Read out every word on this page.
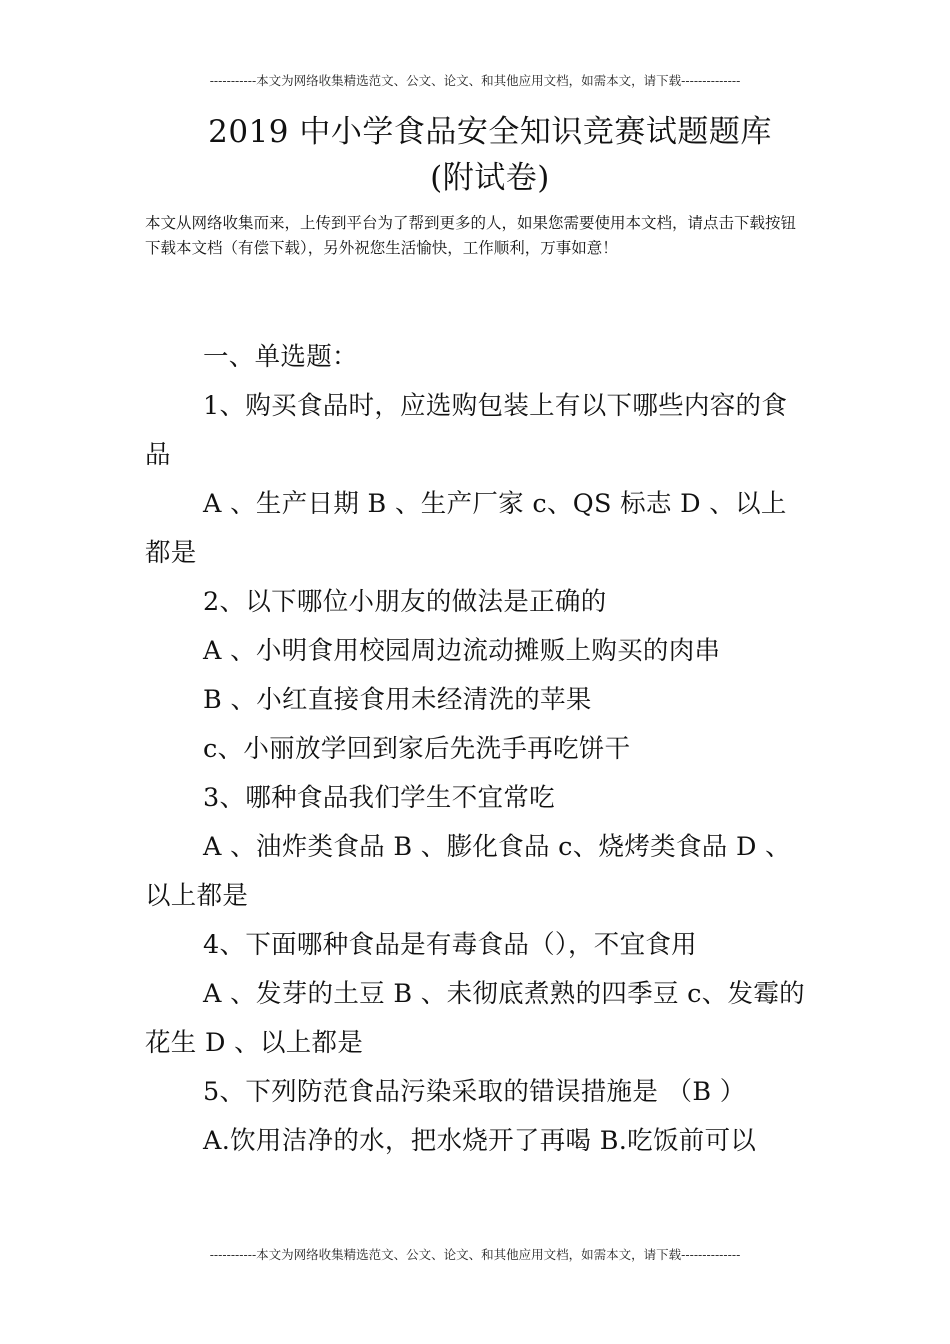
-----------本文为网络收集精选范文、公文、论文、和其他应用文档，如需本文，请下载--------------
2019 中小学食品安全知识竞赛试题题库
(附试卷)
本文从网络收集而来，上传到平台为了帮到更多的人，如果您需要使用本文档，请点击下载按钮下载本文档（有偿下载），另外祝您生活愉快，工作顺利，万事如意！

一、单选题：

1、购买食品时，应选购包装上有以下哪些内容的食品

A 、生产日期 B 、生产厂家 c、QS 标志 D 、以上都是

2、以下哪位小朋友的做法是正确的

A 、小明食用校园周边流动摊贩上购买的肉串

B 、小红直接食用未经清洗的苹果

c、小丽放学回到家后先洗手再吃饼干

3、哪种食品我们学生不宜常吃

A 、油炸类食品 B 、膨化食品 c、烧烤类食品 D 、以上都是

4、下面哪种食品是有毒食品（），不宜食用

A 、发芽的土豆 B 、未彻底煮熟的四季豆 c、发霉的花生 D 、以上都是

5、下列防范食品污染采取的错误措施是 （B ）

A.饮用洁净的水，把水烧开了再喝 B.吃饭前可以

-----------本文为网络收集精选范文、公文、论文、和其他应用文档，如需本文，请下载--------------
